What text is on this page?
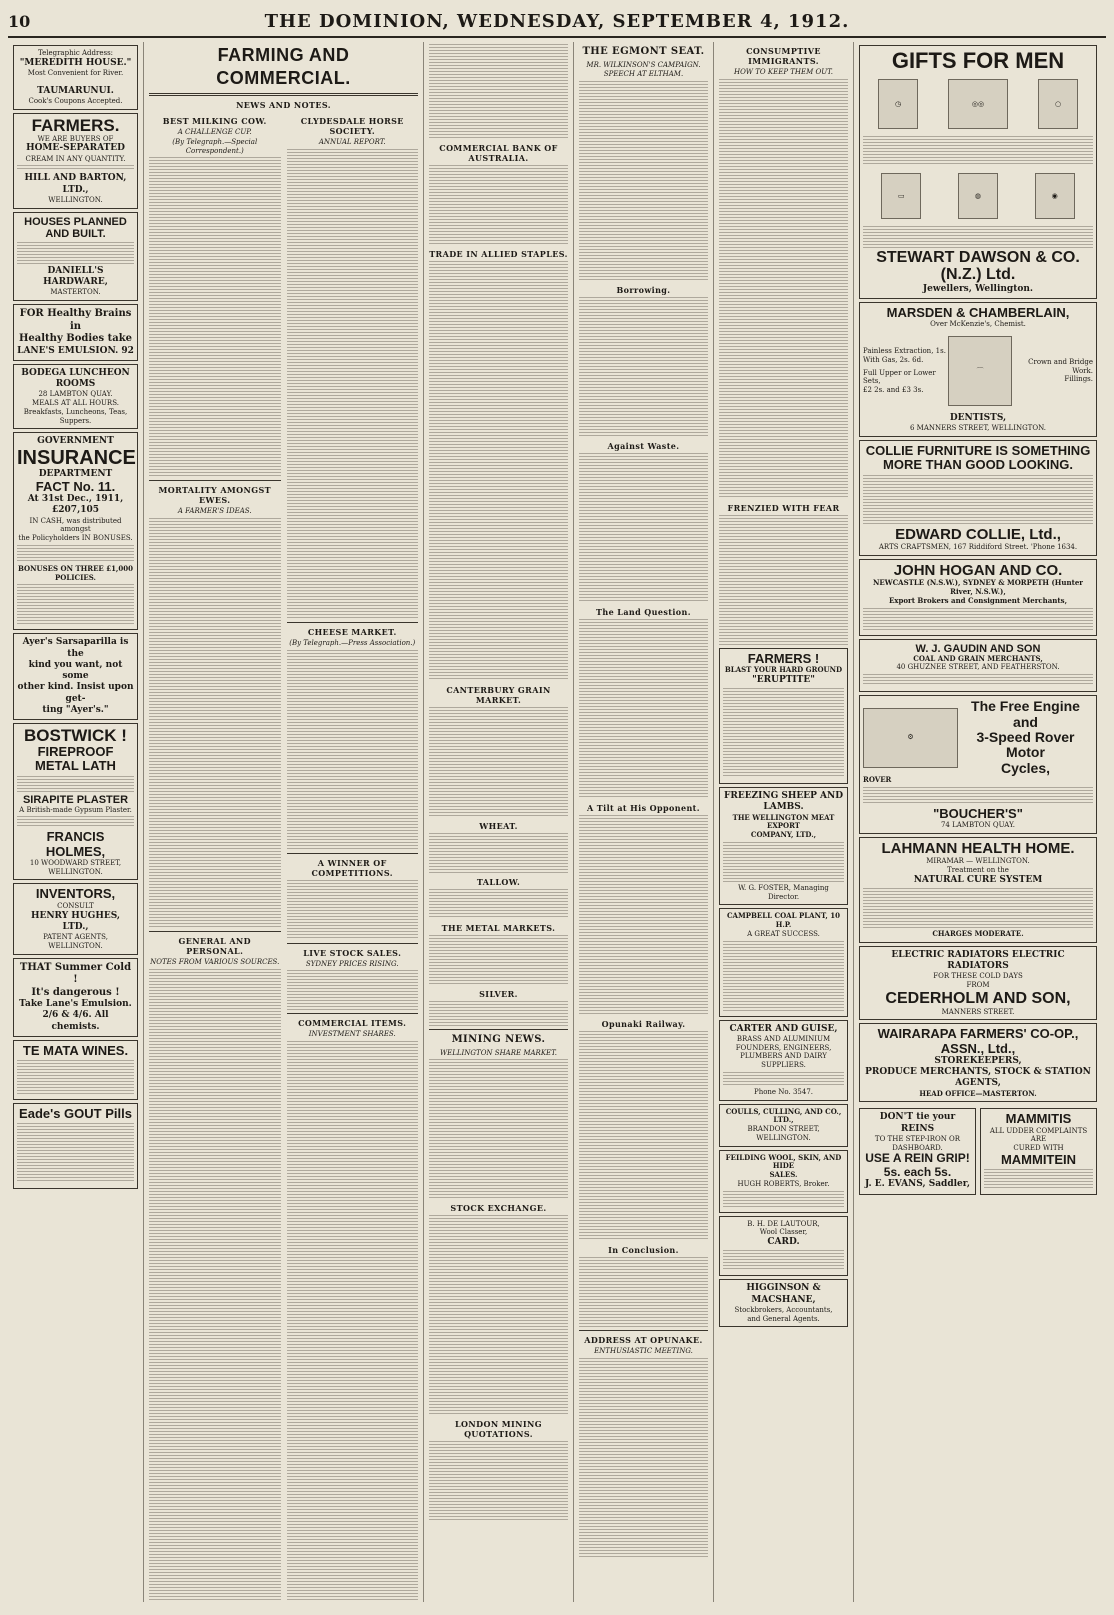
10	THE DOMINION, WEDNESDAY, SEPTEMBER 4, 1912.
Telegraphic Address:
"MEREDITH HOUSE."
Most Convenient for River.
TAUMARUNUI.
Cook's Coupons Accepted.
FARMERS.
WE ARE BUYERS OF
HOME-SEPARATED
CREAM IN ANY QUANTITY.
HILL AND BARTON, LTD.,
WELLINGTON.
HOUSES PLANNED AND BUILT.
DANIELL'S HARDWARE,
MASTERTON.
FOR Healthy Brains in
Healthy Bodies take
LANE'S EMULSION. 92
BODEGA LUNCHEON ROOMS
28 LAMBTON QUAY.
MEALS AT ALL HOURS. Breakfasts, Luncheons, Teas, Suppers.
GOVERNMENT
INSURANCE
DEPARTMENT
FACT No. 11.
At 31st Dec., 1911, £207,105
IN CASH, was distributed amongst
the Policyholders IN BONUSES.
BONUSES ON THREE £1,000 POLICIES.
Ayer's Sarsaparilla is the
kind you want, not some
other kind. Insist upon get-
ting "Ayer's."
BOSTWICK !
FIREPROOF
METAL LATH
SIRAPITE PLASTER
A British-made Gypsum Plaster.
FRANCIS HOLMES,
10 WOODWARD STREET,
WELLINGTON.
INVENTORS,
CONSULT
HENRY HUGHES, LTD.,
PATENT AGENTS,
WELLINGTON.
THAT Summer Cold !
It's dangerous !
Take Lane's Emulsion.
2/6 & 4/6. All chemists.
TE MATA WINES.
Eade's GOUT Pills
FARMING AND COMMERCIAL.
NEWS AND NOTES.
BEST MILKING COW.
A CHALLENGE CUP.
(By Telegraph.—Special Correspondent.)
MORTALITY AMONGST EWES.
A FARMER'S IDEAS.
GENERAL AND PERSONAL.
NOTES FROM VARIOUS SOURCES.
CLYDESDALE HORSE SOCIETY.
ANNUAL REPORT.
CHEESE MARKET.
(By Telegraph.—Press Association.)
A WINNER OF COMPETITIONS.
LIVE STOCK SALES.
SYDNEY PRICES RISING.
COMMERCIAL ITEMS.
INVESTMENT SHARES.
COMMERCIAL BANK OF AUSTRALIA.
TRADE IN ALLIED STAPLES.
CANTERBURY GRAIN MARKET.
WHEAT.
TALLOW.
THE METAL MARKETS.
SILVER.
MINING NEWS.
WELLINGTON SHARE MARKET.
STOCK EXCHANGE.
LONDON MINING QUOTATIONS.
THE EGMONT SEAT.
MR. WILKINSON'S CAMPAIGN.
SPEECH AT ELTHAM.
Borrowing.
Against Waste.
The Land Question.
A Tilt at His Opponent.
Opunaki Railway.
In Conclusion.
ADDRESS AT OPUNAKE.
ENTHUSIASTIC MEETING.
CONSUMPTIVE IMMIGRANTS.
HOW TO KEEP THEM OUT.
FRENZIED WITH FEAR
FARMERS !
BLAST YOUR HARD GROUND
"ERUPTITE"
FREEZING SHEEP AND LAMBS.
THE WELLINGTON MEAT EXPORT
COMPANY, LTD.,
W. G. FOSTER, Managing Director.
CAMPBELL COAL PLANT, 10 H.P.
A GREAT SUCCESS.
CARTER AND GUISE,
BRASS AND ALUMINIUM FOUNDERS, ENGINEERS,
PLUMBERS AND DAIRY SUPPLIERS.
Phone No. 3547.
COULLS, CULLING, AND CO., LTD.,
BRANDON STREET,
WELLINGTON.
FEILDING WOOL, SKIN, AND HIDE
SALES.
HUGH ROBERTS, Broker.
B. H. DE LAUTOUR,
Wool Classer,
CARD.
HIGGINSON & MACSHANE,
Stockbrokers, Accountants,
and General Agents.
GIFTS FOR MEN
◷	◎◎	○
▭	◍	◉
STEWART DAWSON & CO. (N.Z.) Ltd.
Jewellers, Wellington.
MARSDEN & CHAMBERLAIN,
Over McKenzie's, Chemist.
Painless Extraction, 1s.
With Gas, 2s. 6d.
Full Upper or Lower Sets,
£2 2s. and £3 3s.
⌒
Crown and Bridge Work.
Fillings.
DENTISTS,
6 MANNERS STREET, WELLINGTON.
COLLIE FURNITURE IS SOMETHING
MORE THAN GOOD LOOKING.
EDWARD COLLIE, Ltd.,
ARTS CRAFTSMEN, 167 Riddiford Street. 'Phone 1634.
JOHN HOGAN AND CO.
NEWCASTLE (N.S.W.), SYDNEY & MORPETH (Hunter River, N.S.W.),
Export Brokers and Consignment Merchants,
W. J. GAUDIN AND SON
COAL AND GRAIN MERCHANTS,
40 GHUZNEE STREET, AND FEATHERSTON.
⚙
The Free Engine and
3-Speed Rover Motor
Cycles,
ROVER
"BOUCHER'S"
74 LAMBTON QUAY.
LAHMANN HEALTH HOME.
MIRAMAR — WELLINGTON.
Treatment on the
NATURAL CURE SYSTEM
CHARGES MODERATE.
ELECTRIC RADIATORS ELECTRIC RADIATORS
FOR THESE COLD DAYS
FROM
CEDERHOLM AND SON,
MANNERS STREET.
WAIRARAPA FARMERS' CO-OP., ASSN., Ltd.,
STOREKEEPERS,
PRODUCE MERCHANTS, STOCK & STATION AGENTS,
HEAD OFFICE—MASTERTON.
DON'T tie your REINS
TO THE STEP-IRON OR
DASHBOARD.
USE A REIN GRIP!
5s. each 5s.
J. E. EVANS, Saddler,
MAMMITIS
ALL UDDER COMPLAINTS ARE
CURED WITH
MAMMITEIN
